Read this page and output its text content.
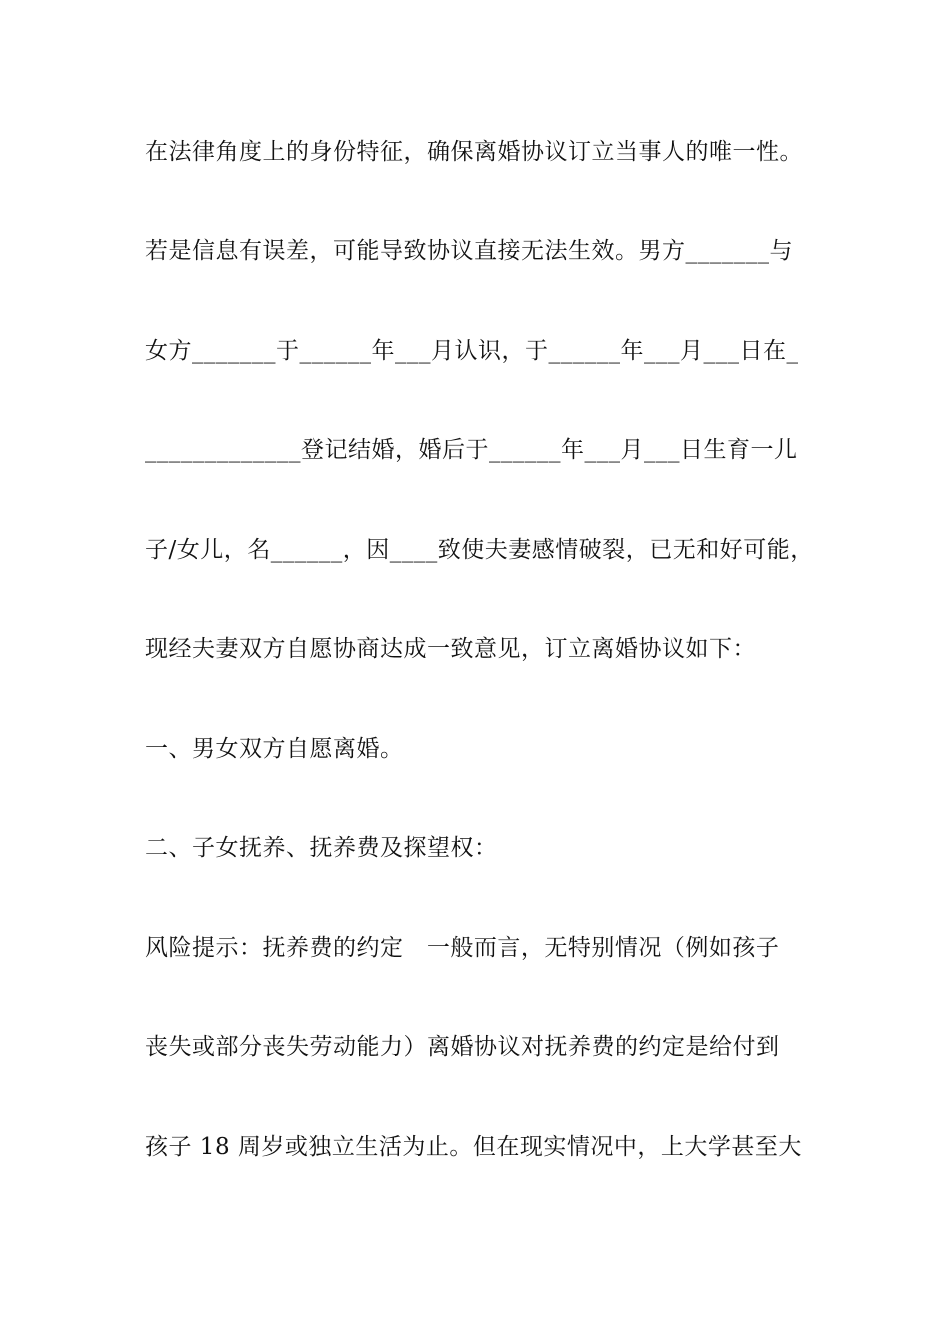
在法律角度上的身份特征，确保离婚协议订立当事人的唯一性。
若是信息有误差，可能导致协议直接无法生效。男方_______与
女方_______于______年___月认识，于______年___月___日在_
_____________登记结婚，婚后于______年___月___日生育一儿
子/女儿，名______，因____致使夫妻感情破裂，已无和好可能，
现经夫妻双方自愿协商达成一致意见，订立离婚协议如下：
一、男女双方自愿离婚。
二、子女抚养、抚养费及探望权：
风险提示：抚养费的约定   一般而言，无特别情况（例如孩子
丧失或部分丧失劳动能力）离婚协议对抚养费的约定是给付到
孩子 18 周岁或独立生活为止。但在现实情况中，上大学甚至大
